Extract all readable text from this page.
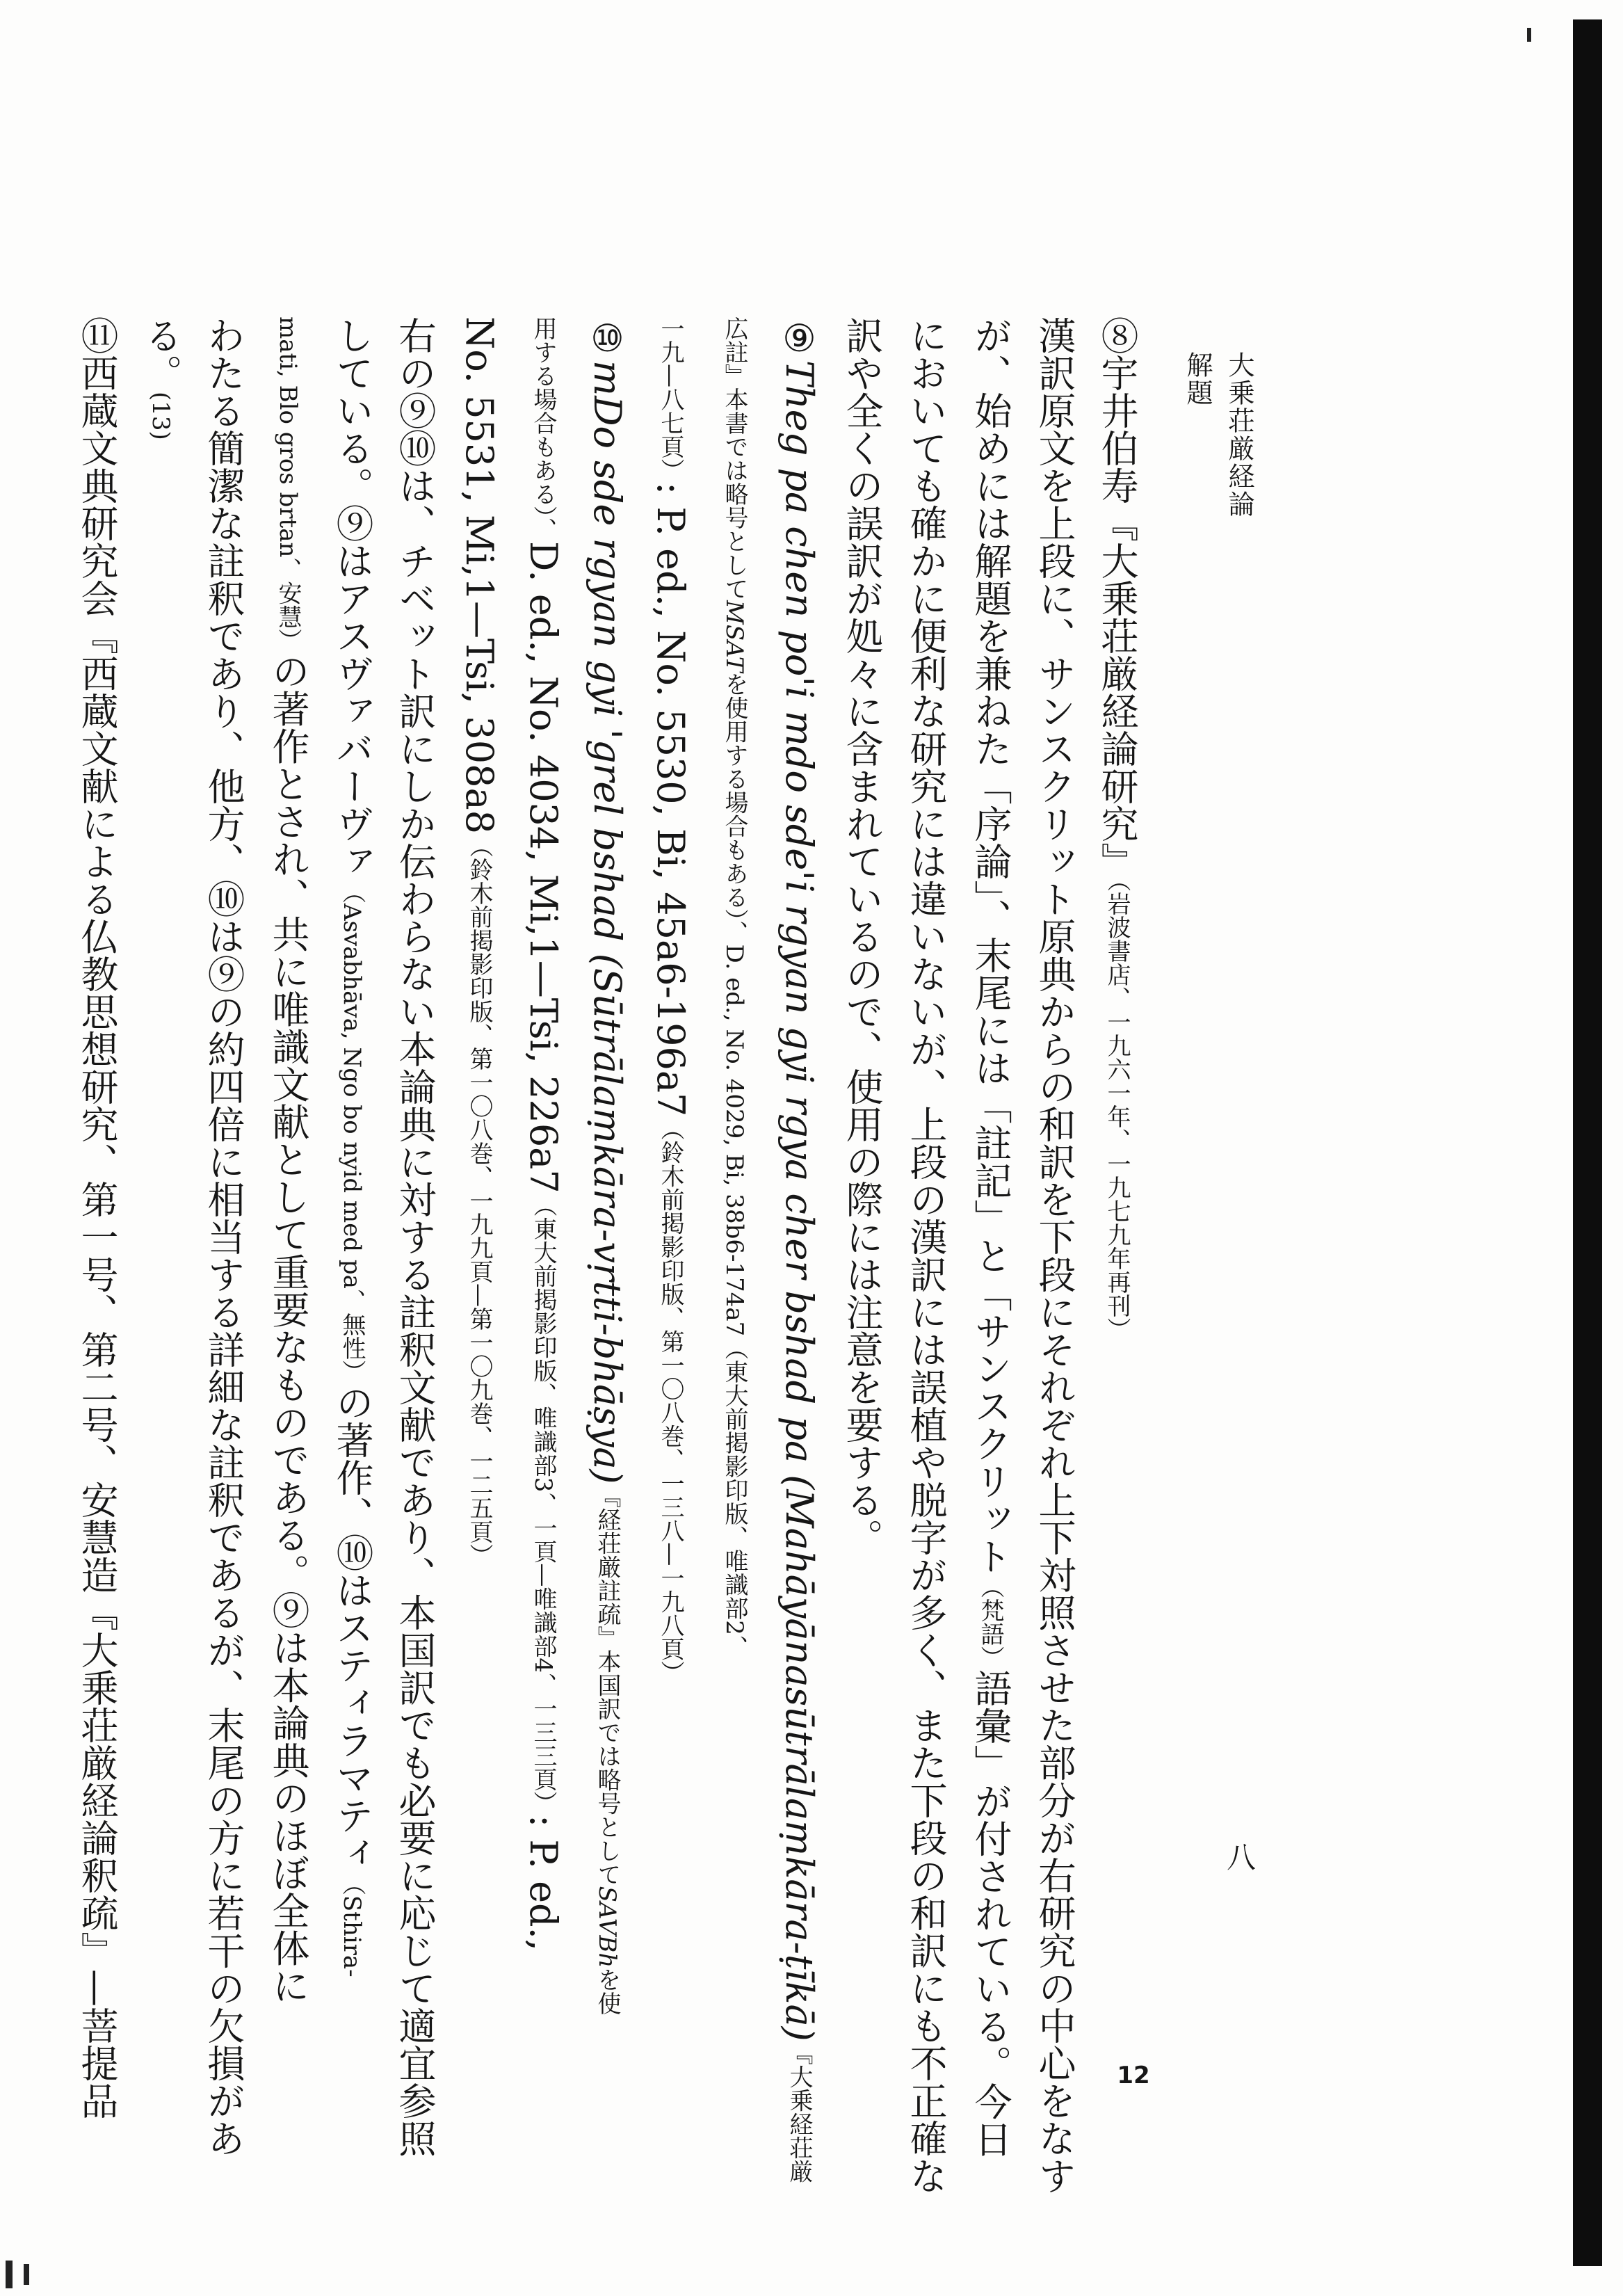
大乗荘厳経論　解題
八
12
⑧宇井伯寿『大乗荘厳経論研究』（岩波書店、一九六一年、一九七九年再刊）
漢訳原文を上段に、サンスクリット原典からの和訳を下段にそれぞれ上下対照させた部分が右研究の中心をなす
が、始めには解題を兼ねた「序論」、末尾には「註記」と「サンスクリット（梵語）語彙」が付されている。今日
においても確かに便利な研究には違いないが、上段の漢訳には誤植や脱字が多く、また下段の和訳にも不正確な
訳や全くの誤訳が処々に含まれているので、使用の際には注意を要する。
⑨Theg pa chen po'i mdo sde'i rgyan gyi rgya cher bshad pa (Mahāyānasūtrālaṃkāra-ṭīkā)『大乗経荘厳
広註』本書では略号としてMSATを使用する場合もある）、D. ed., No. 4029, Bi, 38b6-174a7（東大前掲影印版、唯識部2、
一九—八七頁）: P. ed., No. 5530, Bi, 45a6-196a7（鈴木前掲影印版、第一〇八巻、一三八—一九八頁）
⑩mDo sde rgyan gyi 'grel bshad (Sūtrālaṃkāra-vṛtti-bhāṣya)『経荘厳註疏』本国訳では略号としてSAVBhを使
用する場合もある）、D. ed., No. 4034, Mi,1—Tsi, 226a7（東大前掲影印版、唯識部3、一頁—唯識部4、一三三頁）: P. ed.,
No. 5531, Mi,1—Tsi, 308a8（鈴木前掲影印版、第一〇八巻、一九九頁—第一〇九巻、一二五頁）
右の⑨⑩は、チベット訳にしか伝わらない本論典に対する註釈文献であり、本国訳でも必要に応じて適宜参照
している。⑨はアスヴァバーヴァ（Asvabhāva, Ngo bo nyid med pa、無性）の著作、⑩はスティラマティ（Sthira-
mati, Blo gros brtan、安慧）の著作とされ、共に唯識文献として重要なものである。⑨は本論典のほぼ全体に
わたる簡潔な註釈であり、他方、⑩は⑨の約四倍に相当する詳細な註釈であるが、末尾の方に若干の欠損があ
る。(13)
⑪西蔵文典研究会『西蔵文献による仏教思想研究、第一号、第二号、安慧造『大乗荘厳経論釈疏』—菩提品
